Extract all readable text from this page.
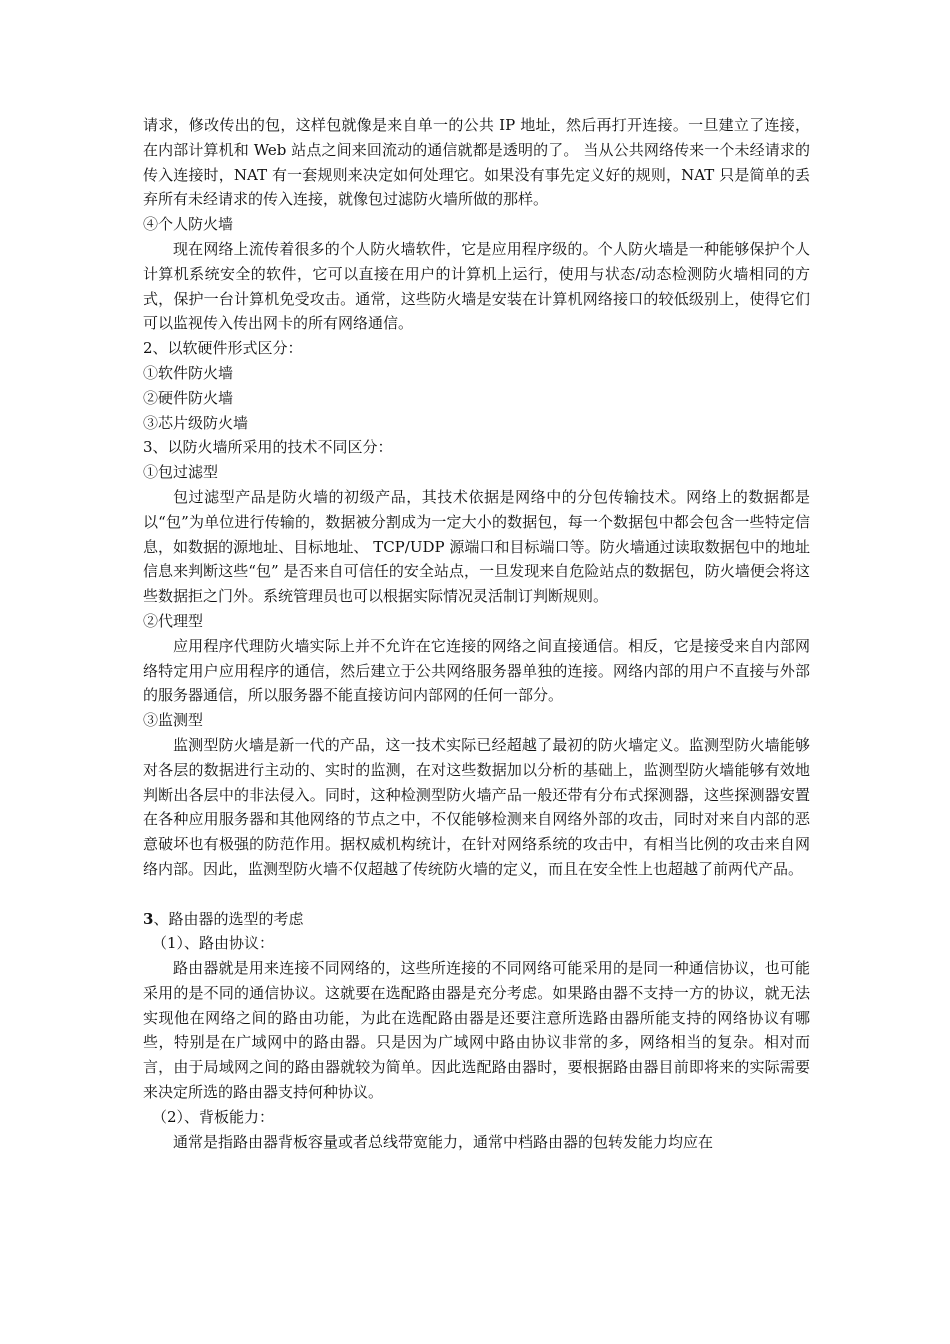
请求，修改传出的包，这样包就像是来自单一的公共 IP 地址，然后再打开连接。一旦建立了连接，在内部计算机和 Web 站点之间来回流动的通信就都是透明的了。 当从公共网络传来一个未经请求的传入连接时，NAT 有一套规则来决定如何处理它。如果没有事先定义好的规则，NAT 只是简单的丢弃所有未经请求的传入连接，就像包过滤防火墙所做的那样。

④个人防火墙

现在网络上流传着很多的个人防火墙软件，它是应用程序级的。个人防火墙是一种能够保护个人计算机系统安全的软件，它可以直接在用户的计算机上运行，使用与状态/动态检测防火墙相同的方式，保护一台计算机免受攻击。通常，这些防火墙是安装在计算机网络接口的较低级别上，使得它们可以监视传入传出网卡的所有网络通信。

2、以软硬件形式区分：

①软件防火墙

②硬件防火墙

③芯片级防火墙

3、以防火墙所采用的技术不同区分：

①包过滤型

包过滤型产品是防火墙的初级产品，其技术依据是网络中的分包传输技术。网络上的数据都是以“包”为单位进行传输的，数据被分割成为一定大小的数据包，每一个数据包中都会包含一些特定信息，如数据的源地址、目标地址、 TCP/UDP 源端口和目标端口等。防火墙通过读取数据包中的地址信息来判断这些“包” 是否来自可信任的安全站点，一旦发现来自危险站点的数据包，防火墙便会将这些数据拒之门外。系统管理员也可以根据实际情况灵活制订判断规则。

②代理型

应用程序代理防火墙实际上并不允许在它连接的网络之间直接通信。相反，它是接受来自内部网络特定用户应用程序的通信，然后建立于公共网络服务器单独的连接。网络内部的用户不直接与外部的服务器通信，所以服务器不能直接访问内部网的任何一部分。

③监测型

监测型防火墙是新一代的产品，这一技术实际已经超越了最初的防火墙定义。监测型防火墙能够对各层的数据进行主动的、实时的监测，在对这些数据加以分析的基础上，监测型防火墙能够有效地判断出各层中的非法侵入。同时，这种检测型防火墙产品一般还带有分布式探测器，这些探测器安置在各种应用服务器和其他网络的节点之中，不仅能够检测来自网络外部的攻击，同时对来自内部的恶意破坏也有极强的防范作用。据权威机构统计，在针对网络系统的攻击中，有相当比例的攻击来自网络内部。因此，监测型防火墙不仅超越了传统防火墙的定义，而且在安全性上也超越了前两代产品。

3、路由器的选型的考虑

（1）、路由协议：

路由器就是用来连接不同网络的，这些所连接的不同网络可能采用的是同一种通信协议，也可能采用的是不同的通信协议。这就要在选配路由器是充分考虑。如果路由器不支持一方的协议，就无法实现他在网络之间的路由功能，为此在选配路由器是还要注意所选路由器所能支持的网络协议有哪些，特别是在广域网中的路由器。只是因为广域网中路由协议非常的多，网络相当的复杂。相对而言，由于局域网之间的路由器就较为简单。因此选配路由器时，要根据路由器目前即将来的实际需要来决定所选的路由器支持何种协议。

（2）、背板能力：

通常是指路由器背板容量或者总线带宽能力，通常中档路由器的包转发能力均应在
